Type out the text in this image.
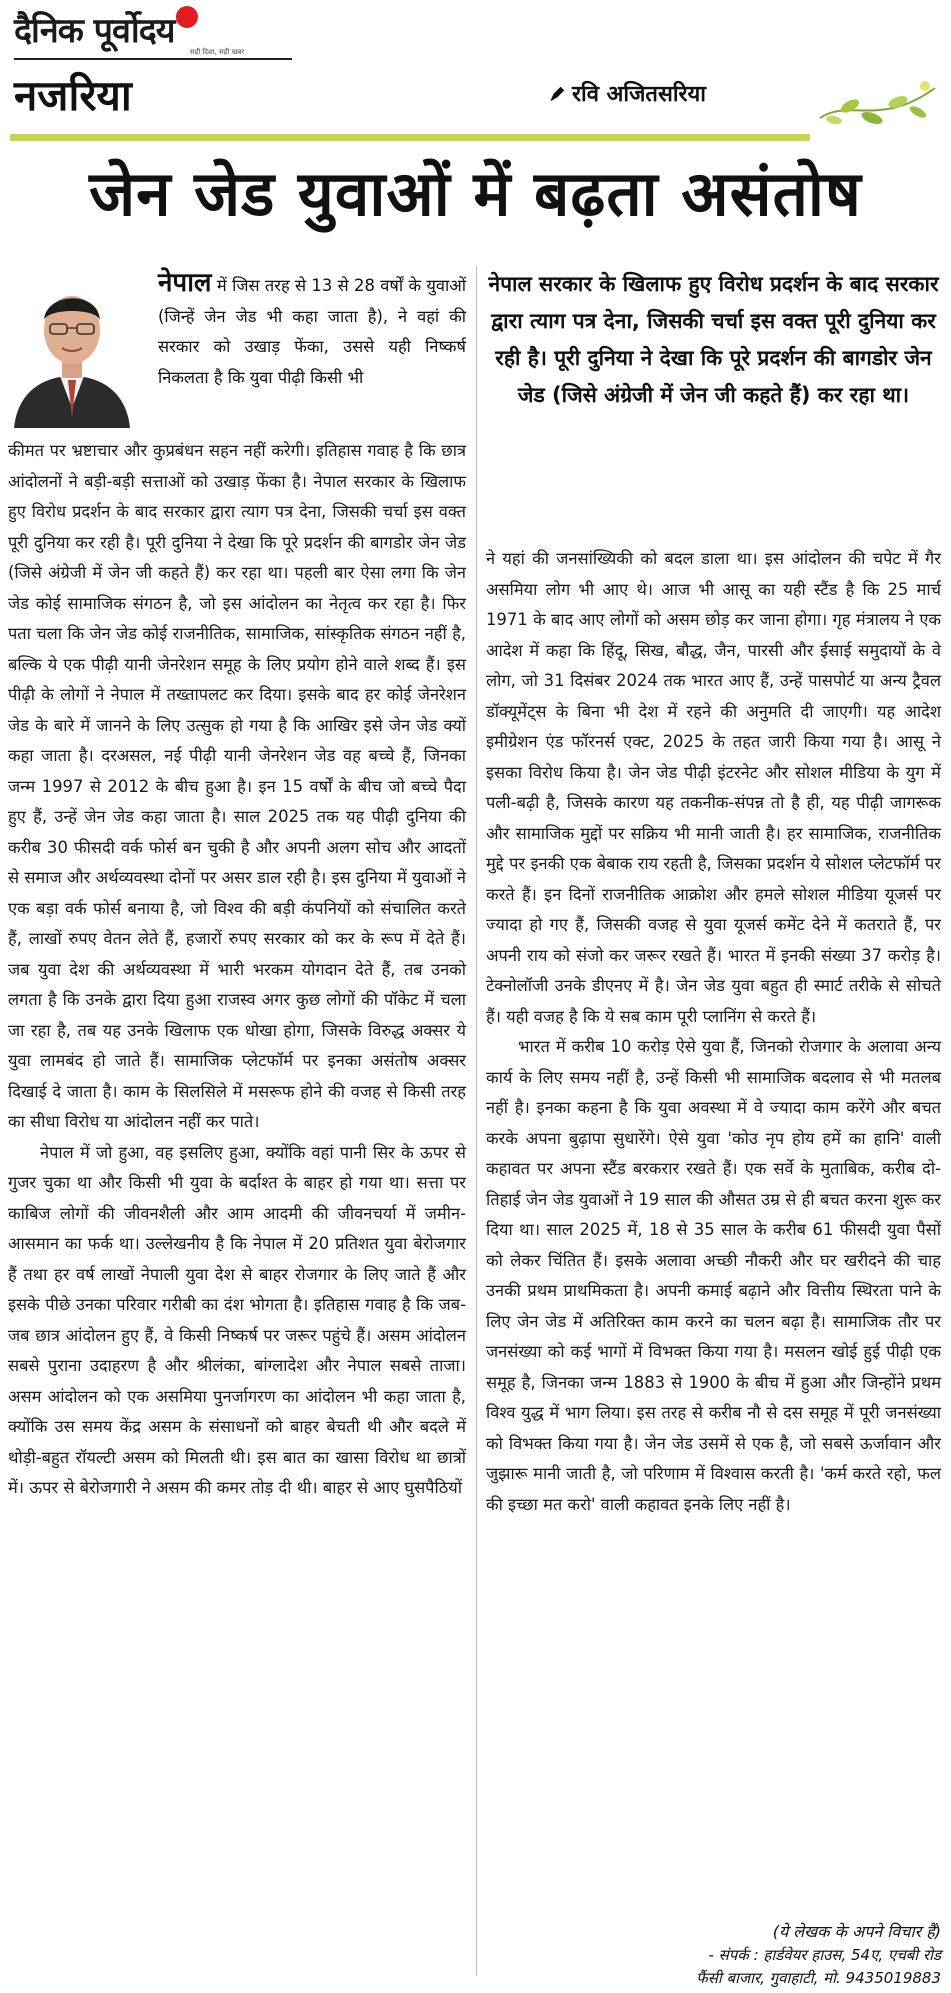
दैनिक पूर्वोदय
सही दिशा, सही खबर
नजरिया	रवि अजितसरिया
जेन जेड युवाओं में बढ़ता असंतोष
नेपाल में जिस तरह से 13 से 28 वर्षों के युवाओं (जिन्हें जेन जेड भी कहा जाता है), ने वहां की सरकार को उखाड़ फेंका, उससे यही निष्कर्ष निकलता है कि युवा पीढ़ी किसी भी

कीमत पर भ्रष्टाचार और कुप्रबंधन सहन नहीं करेगी। इतिहास गवाह है कि छात्र आंदोलनों ने बड़ी-बड़ी सत्ताओं को उखाड़ फेंका है। नेपाल सरकार के खिलाफ हुए विरोध प्रदर्शन के बाद सरकार द्वारा त्याग पत्र देना, जिसकी चर्चा इस वक्त पूरी दुनिया कर रही है। पूरी दुनिया ने देखा कि पूरे प्रदर्शन की बागडोर जेन जेड (जिसे अंग्रेजी में जेन जी कहते हैं) कर रहा था। पहली बार ऐसा लगा कि जेन जेड कोई सामाजिक संगठन है, जो इस आंदोलन का नेतृत्व कर रहा है। फिर पता चला कि जेन जेड कोई राजनीतिक, सामाजिक, सांस्कृतिक संगठन नहीं है, बल्कि ये एक पीढ़ी यानी जेनरेशन समूह के लिए प्रयोग होने वाले शब्द हैं। इस पीढ़ी के लोगों ने नेपाल में तख्तापलट कर दिया। इसके बाद हर कोई जेनरेशन जेड के बारे में जानने के लिए उत्सुक हो गया है कि आखिर इसे जेन जेड क्यों कहा जाता है। दरअसल, नई पीढ़ी यानी जेनरेशन जेड वह बच्चे हैं, जिनका जन्म 1997 से 2012 के बीच हुआ है। इन 15 वर्षों के बीच जो बच्चे पैदा हुए हैं, उन्हें जेन जेड कहा जाता है। साल 2025 तक यह पीढ़ी दुनिया की करीब 30 फीसदी वर्क फोर्स बन चुकी है और अपनी अलग सोच और आदतों से समाज और अर्थव्यवस्था दोनों पर असर डाल रही है। इस दुनिया में युवाओं ने एक बड़ा वर्क फोर्स बनाया है, जो विश्व की बड़ी कंपनियों को संचालित करते हैं, लाखों रुपए वेतन लेते हैं, हजारों रुपए सरकार को कर के रूप में देते हैं। जब युवा देश की अर्थव्यवस्था में भारी भरकम योगदान देते हैं, तब उनको लगता है कि उनके द्वारा दिया हुआ राजस्व अगर कुछ लोगों की पॉकेट में चला जा रहा है, तब यह उनके खिलाफ एक धोखा होगा, जिसके विरुद्ध अक्सर ये युवा लामबंद हो जाते हैं। सामाजिक प्लेटफॉर्म पर इनका असंतोष अक्सर दिखाई दे जाता है। काम के सिलसिले में मसरूफ होने की वजह से किसी तरह का सीधा विरोध या आंदोलन नहीं कर पाते।

नेपाल में जो हुआ, वह इसलिए हुआ, क्योंकि वहां पानी सिर के ऊपर से गुजर चुका था और किसी भी युवा के बर्दाश्त के बाहर हो गया था। सत्ता पर काबिज लोगों की जीवनशैली और आम आदमी की जीवनचर्या में जमीन-आसमान का फर्क था। उल्लेखनीय है कि नेपाल में 20 प्रतिशत युवा बेरोजगार हैं तथा हर वर्ष लाखों नेपाली युवा देश से बाहर रोजगार के लिए जाते हैं और इसके पीछे उनका परिवार गरीबी का दंश भोगता है। इतिहास गवाह है कि जब-जब छात्र आंदोलन हुए हैं, वे किसी निष्कर्ष पर जरूर पहुंचे हैं। असम आंदोलन सबसे पुराना उदाहरण है और श्रीलंका, बांग्लादेश और नेपाल सबसे ताजा। असम आंदोलन को एक असमिया पुनर्जागरण का आंदोलन भी कहा जाता है, क्योंकि उस समय केंद्र असम के संसाधनों को बाहर बेचती थी और बदले में थोड़ी-बहुत रॉयल्टी असम को मिलती थी। इस बात का खासा विरोध था छात्रों में। ऊपर से बेरोजगारी ने असम की कमर तोड़ दी थी। बाहर से आए घुसपैठियों

नेपाल सरकार के खिलाफ हुए विरोध प्रदर्शन के बाद सरकार द्वारा त्याग पत्र देना, जिसकी चर्चा इस वक्त पूरी दुनिया कर रही है। पूरी दुनिया ने देखा कि पूरे प्रदर्शन की बागडोर जेन जेड (जिसे अंग्रेजी में जेन जी कहते हैं) कर रहा था।

ने यहां की जनसांख्यिकी को बदल डाला था। इस आंदोलन की चपेट में गैर असमिया लोग भी आए थे। आज भी आसू का यही स्टैंड है कि 25 मार्च 1971 के बाद आए लोगों को असम छोड़ कर जाना होगा। गृह मंत्रालय ने एक आदेश में कहा कि हिंदू, सिख, बौद्ध, जैन, पारसी और ईसाई समुदायों के वे लोग, जो 31 दिसंबर 2024 तक भारत आए हैं, उन्हें पासपोर्ट या अन्य ट्रैवल डॉक्यूमेंट्स के बिना भी देश में रहने की अनुमति दी जाएगी। यह आदेश इमीग्रेशन एंड फॉरनर्स एक्ट, 2025 के तहत जारी किया गया है। आसू ने इसका विरोध किया है। जेन जेड पीढ़ी इंटरनेट और सोशल मीडिया के युग में पली-बढ़ी है, जिसके कारण यह तकनीक-संपन्न तो है ही, यह पीढ़ी जागरूक और सामाजिक मुद्दों पर सक्रिय भी मानी जाती है। हर सामाजिक, राजनीतिक मुद्दे पर इनकी एक बेबाक राय रहती है, जिसका प्रदर्शन ये सोशल प्लेटफॉर्म पर करते हैं। इन दिनों राजनीतिक आक्रोश और हमले सोशल मीडिया यूजर्स पर ज्यादा हो गए हैं, जिसकी वजह से युवा यूजर्स कमेंट देने में कतराते हैं, पर अपनी राय को संजो कर जरूर रखते हैं। भारत में इनकी संख्या 37 करोड़ है। टेक्नोलॉजी उनके डीएनए में है। जेन जेड युवा बहुत ही स्मार्ट तरीके से सोचते हैं। यही वजह है कि ये सब काम पूरी प्लानिंग से करते हैं।

भारत में करीब 10 करोड़ ऐसे युवा हैं, जिनको रोजगार के अलावा अन्य कार्य के लिए समय नहीं है, उन्हें किसी भी सामाजिक बदलाव से भी मतलब नहीं है। इनका कहना है कि युवा अवस्था में वे ज्यादा काम करेंगे और बचत करके अपना बुढ़ापा सुधारेंगे। ऐसे युवा 'कोउ नृप होय हमें का हानि' वाली कहावत पर अपना स्टैंड बरकरार रखते हैं। एक सर्वे के मुताबिक, करीब दो-तिहाई जेन जेड युवाओं ने 19 साल की औसत उम्र से ही बचत करना शुरू कर दिया था। साल 2025 में, 18 से 35 साल के करीब 61 फीसदी युवा पैसों को लेकर चिंतित हैं। इसके अलावा अच्छी नौकरी और घर खरीदने की चाह उनकी प्रथम प्राथमिकता है। अपनी कमाई बढ़ाने और वित्तीय स्थिरता पाने के लिए जेन जेड में अतिरिक्त काम करने का चलन बढ़ा है। सामाजिक तौर पर जनसंख्या को कई भागों में विभक्त किया गया है। मसलन खोई हुई पीढ़ी एक समूह है, जिनका जन्म 1883 से 1900 के बीच में हुआ और जिन्होंने प्रथम विश्व युद्ध में भाग लिया। इस तरह से करीब नौ से दस समूह में पूरी जनसंख्या को विभक्त किया गया है। जेन जेड उसमें से एक है, जो सबसे ऊर्जावान और जुझारू मानी जाती है, जो परिणाम में विश्वास करती है। 'कर्म करते रहो, फल की इच्छा मत करो' वाली कहावत इनके लिए नहीं है।

(ये लेखक के अपने विचार हैं)
- संपर्क : हार्डवेयर हाउस, 54ए, एचबी रोड
फैंसी बाजार, गुवाहाटी, मो. 9435019883
